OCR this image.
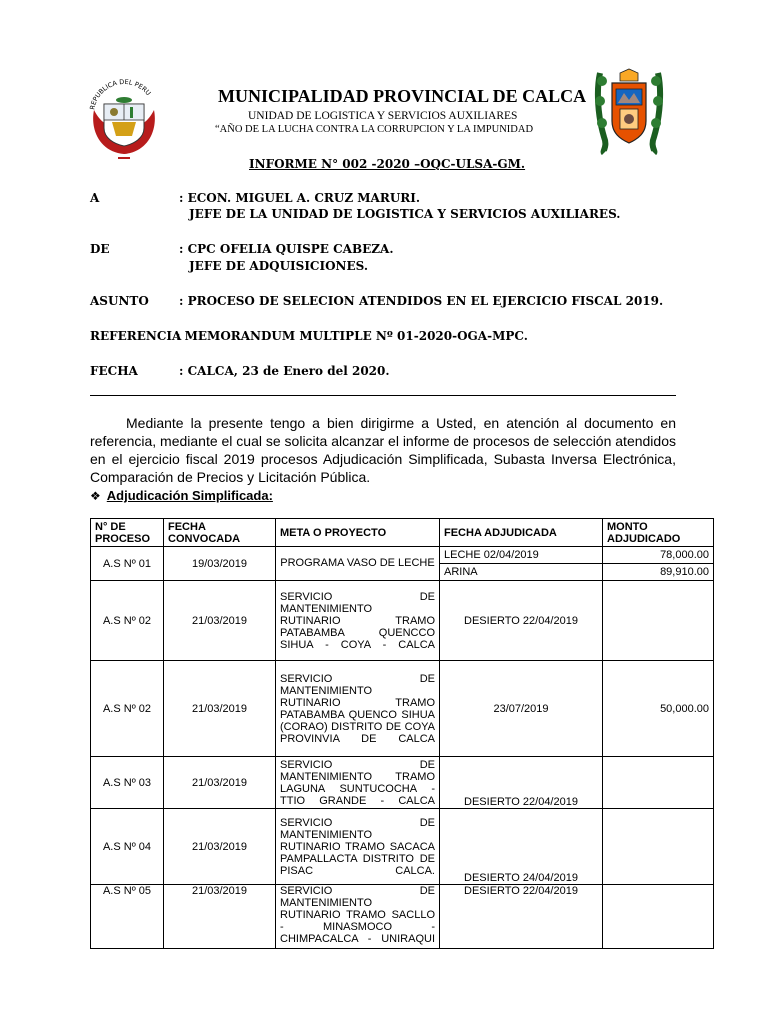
REPUBLICA DEL PERU	MUNICIPALIDAD PROVINCIAL DE CALCA
UNIDAD DE LOGISTICA Y SERVICIOS AUXILIARES
“AÑO DE LA LUCHA CONTRA LA CORRUPCION Y LA IMPUNIDAD
INFORME N° 002 -2020 –OQC-ULSA-GM.
A	: ECON. MIGUEL A. CRUZ MARURI.
JEFE DE LA UNIDAD DE LOGISTICA Y SERVICIOS AUXILIARES.
DE	: CPC OFELIA QUISPE CABEZA.
JEFE DE ADQUISICIONES.
ASUNTO	: PROCESO DE SELECION ATENDIDOS EN EL EJERCICIO FISCAL 2019.
REFERENCIA
: MEMORANDUM MULTIPLE Nº 01-2020-OGA-MPC.
FECHA	: CALCA, 23 de Enero del 2020.

Mediante la presente tengo a bien dirigirme a Usted, en atención al documento en referencia, mediante el cual se solicita alcanzar el informe de procesos de selección atendidos en el ejercicio fiscal 2019 procesos Adjudicación Simplificada, Subasta Inversa Electrónica, Comparación de Precios y Licitación Pública.

❖ Adjudicación Simplificada:
N° DE PROCESO	FECHA CONVOCADA	META O PROYECTO	FECHA ADJUDICADA	MONTO ADJUDICADO
A.S Nº 01	19/03/2019	PROGRAMA VASO DE LECHE	LECHE 02/04/2019	78,000.00
			ARINA	89,910.00
A.S Nº 02	21/03/2019	SERVICIO DE MANTENIMIENTO RUTINARIO TRAMO PATABAMBA QUENCCO SIHUA - COYA - CALCA	DESIERTO 22/04/2019	
A.S Nº 02	21/03/2019	SERVICIO DE MANTENIMIENTO RUTINARIO TRAMO PATABAMBA QUENCO SIHUA (CORAO) DISTRITO DE COYA PROVINVIA DE CALCA	23/07/2019	50,000.00
A.S Nº 03	21/03/2019	SERVICIO DE MANTENIMIENTO TRAMO LAGUNA SUNTUCOCHA - TTIO GRANDE - CALCA	DESIERTO 22/04/2019	
A.S Nº 04	21/03/2019	SERVICIO DE MANTENIMIENTO RUTINARIO TRAMO SACACA PAMPALLACTA DISTRITO DE PISAC CALCA.	DESIERTO 24/04/2019	
A.S Nº 05	21/03/2019	SERVICIO DE MANTENIMIENTO RUTINARIO TRAMO SACLLO - MINASMOCO - CHIMPACALCA - UNIRAQUI	DESIERTO 22/04/2019	
